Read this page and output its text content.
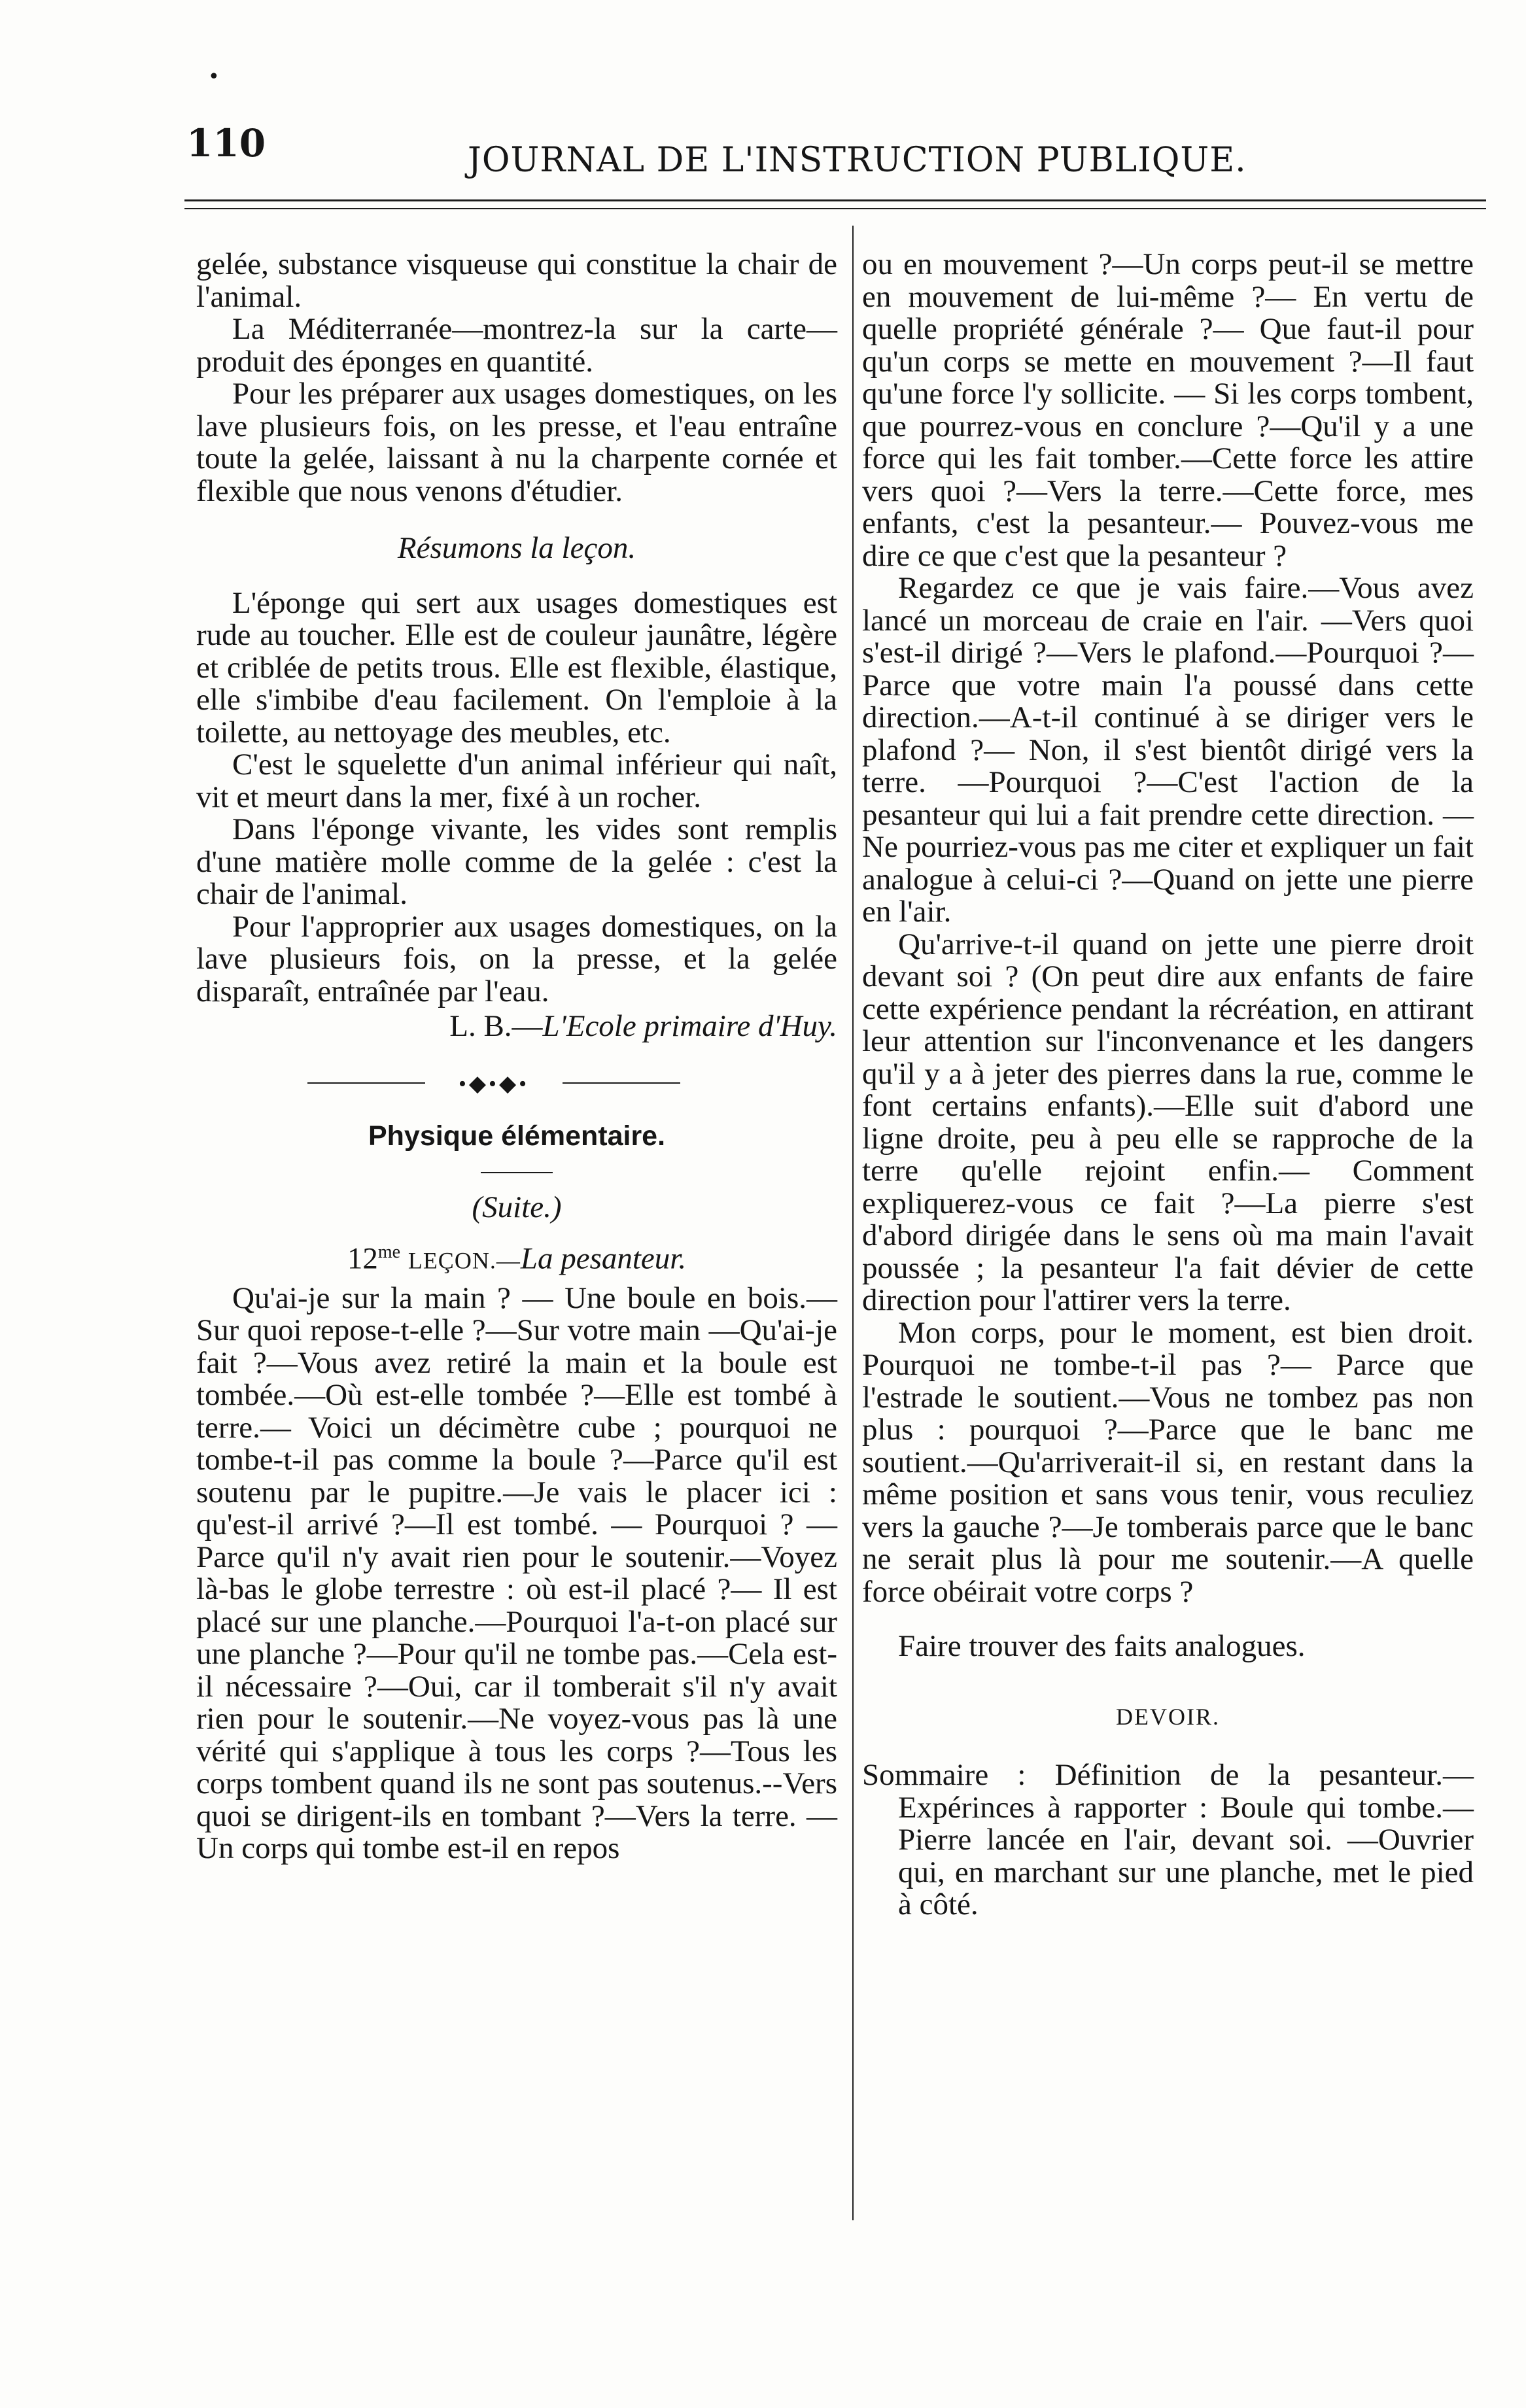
•
110	JOURNAL DE L'INSTRUCTION PUBLIQUE.

gelée, substance visqueuse qui constitue la chair de l'animal.

La Méditerranée—montrez-la sur la carte—produit des éponges en quantité.

Pour les préparer aux usages domestiques, on les lave plusieurs fois, on les presse, et l'eau entraîne toute la gelée, laissant à nu la charpente cornée et flexible que nous venons d'étudier.

Résumons la leçon.

L'éponge qui sert aux usages domestiques est rude au toucher. Elle est de couleur jaunâtre, légère et criblée de petits trous. Elle est flexible, élastique, elle s'imbibe d'eau facilement. On l'emploie à la toilette, au nettoyage des meubles, etc.

C'est le squelette d'un animal inférieur qui naît, vit et meurt dans la mer, fixé à un rocher.

Dans l'éponge vivante, les vides sont remplis d'une matière molle comme de la gelée : c'est la chair de l'animal.

Pour l'approprier aux usages domestiques, on la lave plusieurs fois, on la presse, et la gelée disparaît, entraînée par l'eau.

L. B.—L'Ecole primaire d'Huy.
•◆•◆•
Physique élémentaire.
(Suite.)
$12^{me}$ LEÇON.—La pesanteur.

Qu'ai-je sur la main ? — Une boule en bois.—Sur quoi repose-t-elle ?—Sur votre main —Qu'ai-je fait ?—Vous avez retiré la main et la boule est tombée.—Où est-elle tombée ?—Elle est tombé à terre.— Voici un décimètre cube ; pourquoi ne tombe-t-il pas comme la boule ?—Parce qu'il est soutenu par le pupitre.—Je vais le placer ici : qu'est-il arrivé ?—Il est tombé. — Pourquoi ? — Parce qu'il n'y avait rien pour le soutenir.—Voyez là-bas le globe terrestre : où est-il placé ?— Il est placé sur une planche.—Pourquoi l'a-t-on placé sur une planche ?—Pour qu'il ne tombe pas.—Cela est-il nécessaire ?—Oui, car il tomberait s'il n'y avait rien pour le soutenir.—Ne voyez-vous pas là une vérité qui s'applique à tous les corps ?—Tous les corps tombent quand ils ne sont pas soutenus.--Vers quoi se dirigent-ils en tombant ?—Vers la terre. —Un corps qui tombe est-il en repos

ou en mouvement ?—Un corps peut-il se mettre en mouvement de lui-même ?— En vertu de quelle propriété générale ?— Que faut-il pour qu'un corps se mette en mouvement ?—Il faut qu'une force l'y sollicite. — Si les corps tombent, que pourrez-vous en conclure ?—Qu'il y a une force qui les fait tomber.—Cette force les attire vers quoi ?—Vers la terre.—Cette force, mes enfants, c'est la pesanteur.— Pouvez-vous me dire ce que c'est que la pesanteur ?

Regardez ce que je vais faire.—Vous avez lancé un morceau de craie en l'air. —Vers quoi s'est-il dirigé ?—Vers le plafond.—Pourquoi ?—Parce que votre main l'a poussé dans cette direction.—A-t-il continué à se diriger vers le plafond ?— Non, il s'est bientôt dirigé vers la terre. —Pourquoi ?—C'est l'action de la pesanteur qui lui a fait prendre cette direction. —Ne pourriez-vous pas me citer et expliquer un fait analogue à celui-ci ?—Quand on jette une pierre en l'air.

Qu'arrive-t-il quand on jette une pierre droit devant soi ? (On peut dire aux enfants de faire cette expérience pendant la récréation, en attirant leur attention sur l'inconvenance et les dangers qu'il y a à jeter des pierres dans la rue, comme le font certains enfants).—Elle suit d'abord une ligne droite, peu à peu elle se rapproche de la terre qu'elle rejoint enfin.— Comment expliquerez-vous ce fait ?—La pierre s'est d'abord dirigée dans le sens où ma main l'avait poussée ; la pesanteur l'a fait dévier de cette direction pour l'attirer vers la terre.

Mon corps, pour le moment, est bien droit. Pourquoi ne tombe-t-il pas ?— Parce que l'estrade le soutient.—Vous ne tombez pas non plus : pourquoi ?—Parce que le banc me soutient.—Qu'arriverait-il si, en restant dans la même position et sans vous tenir, vous reculiez vers la gauche ?—Je tomberais parce que le banc ne serait plus là pour me soutenir.—A quelle force obéirait votre corps ?

Faire trouver des faits analogues.

DEVOIR.

Sommaire : Définition de la pesanteur.— Expérinces à rapporter : Boule qui tombe.—Pierre lancée en l'air, devant soi. —Ouvrier qui, en marchant sur une planche, met le pied à côté.
